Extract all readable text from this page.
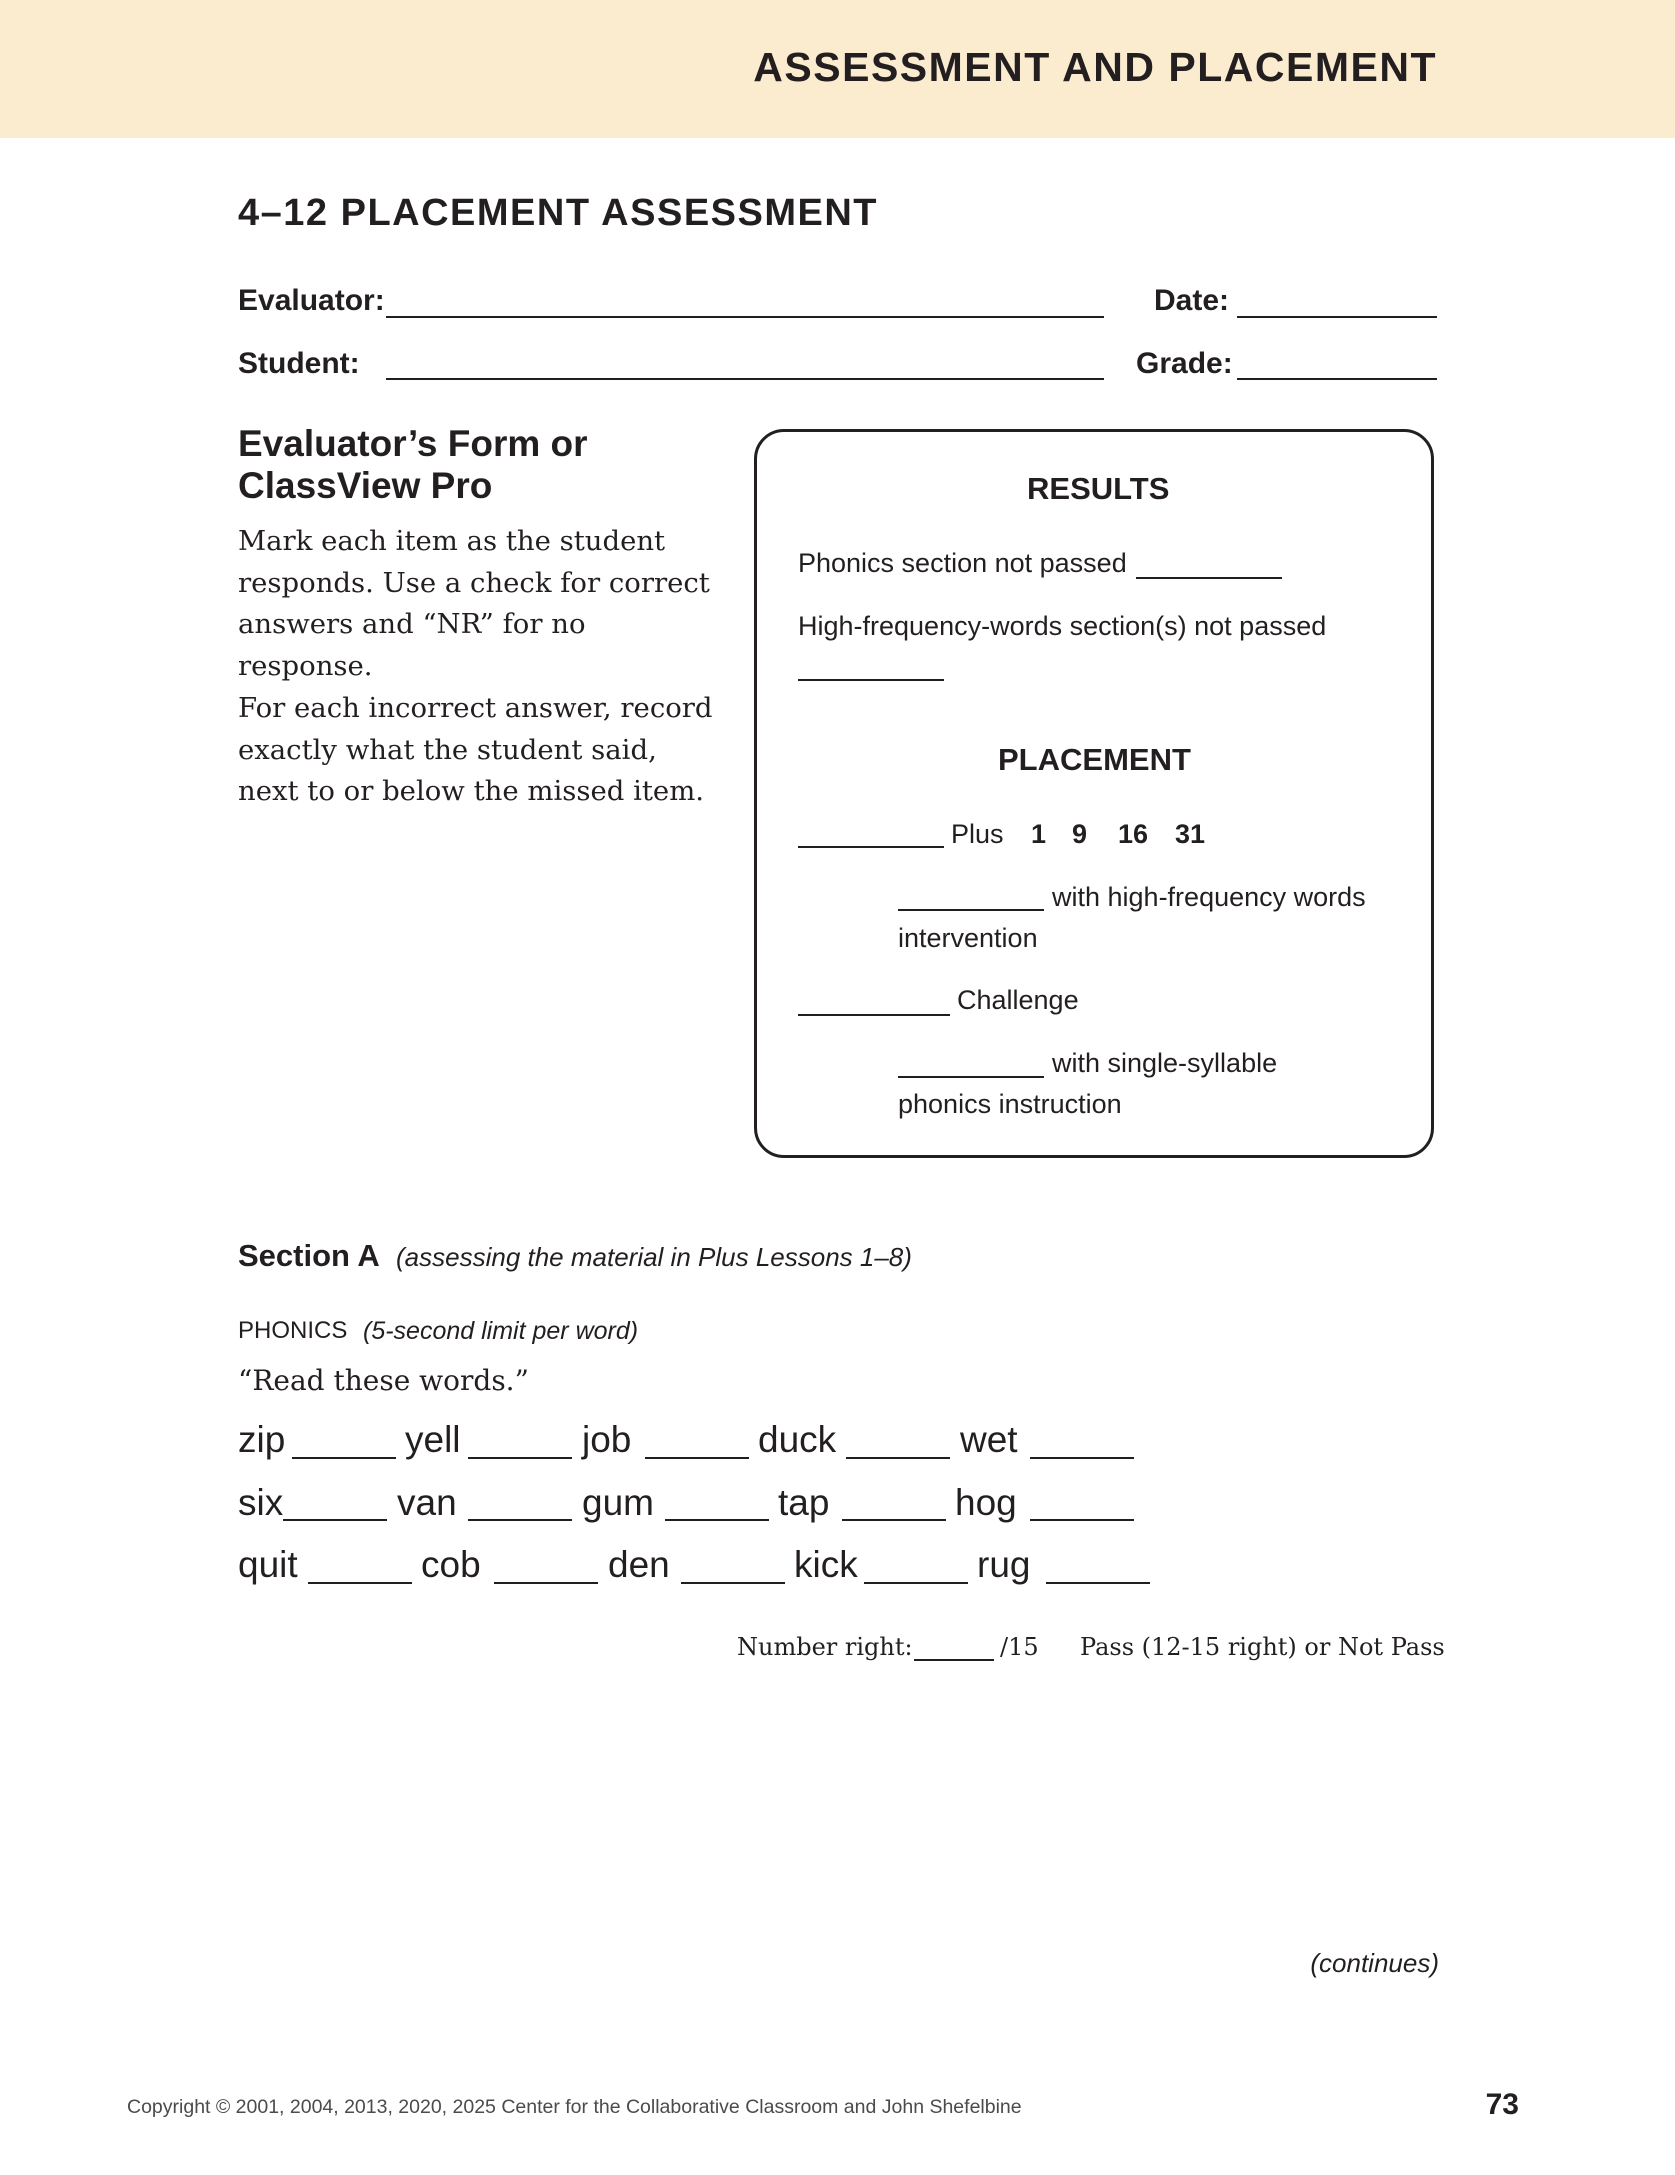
ASSESSMENT AND PLACEMENT
4–12 PLACEMENT ASSESSMENT
Evaluator:	Date:
Student:	Grade:
Evaluator’s Form or
ClassView Pro
Mark each item as the student
responds. Use a check for correct
answers and “NR” for no response.
For each incorrect answer, record
exactly what the student said,
next to or below the missed item.
RESULTS
Phonics section not passed
High-frequency-words section(s) not passed
PLACEMENT
Plus 1 9 16 31
with high-frequency words
intervention
Challenge
with single-syllable
phonics instruction
Section A (assessing the material in Plus Lessons 1–8)
PHONICS (5-second limit per word)
“Read these words.”
zip	yell	job	duck	wet
six	van	gum	tap	hog
quit	cob	den	kick	rug
Number right:	/15 Pass (12-15 right) or Not Pass
(continues)
Copyright © 2001, 2004, 2013, 2020, 2025 Center for the Collaborative Classroom and John Shefelbine	73
